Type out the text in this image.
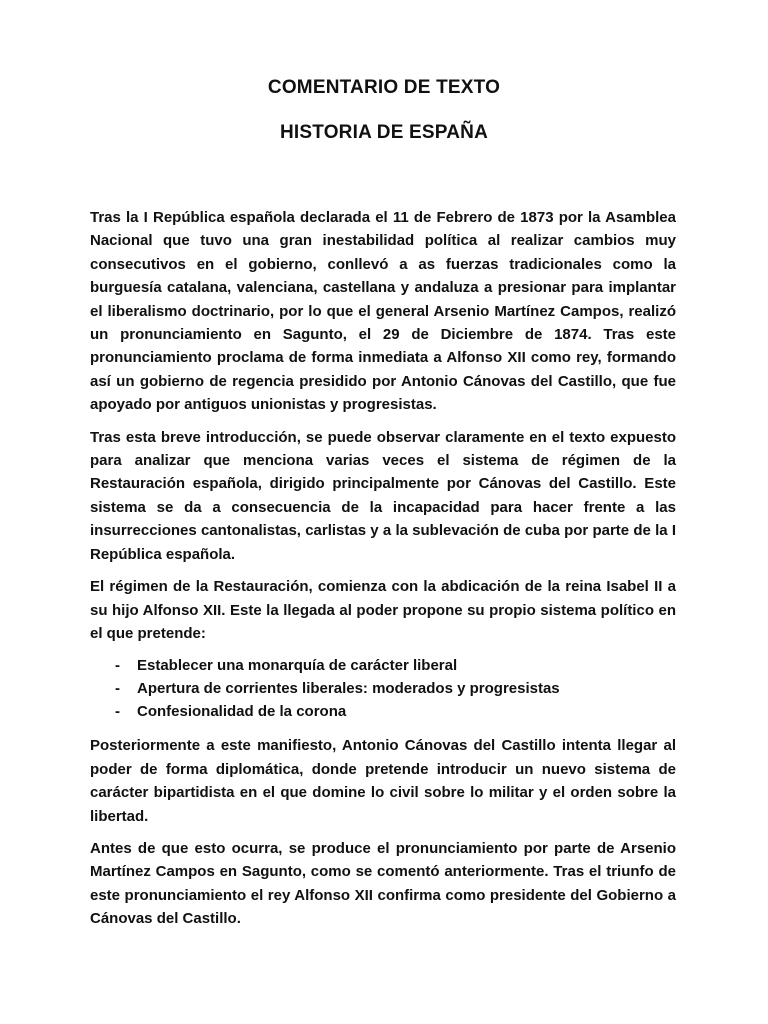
COMENTARIO DE TEXTO
HISTORIA DE ESPAÑA

Tras la I República española declarada el 11 de Febrero de 1873 por la Asamblea Nacional que tuvo una gran inestabilidad política al realizar cambios muy consecutivos en el gobierno, conllevó a as fuerzas tradicionales como la burguesía catalana, valenciana, castellana y andaluza a presionar para implantar el liberalismo doctrinario, por lo que el general Arsenio Martínez Campos, realizó un pronunciamiento en Sagunto, el 29 de Diciembre de 1874. Tras este pronunciamiento proclama de forma inmediata a Alfonso XII como rey, formando así un gobierno de regencia presidido por Antonio Cánovas del Castillo, que fue apoyado por antiguos unionistas y progresistas.

Tras esta breve introducción, se puede observar claramente en el texto expuesto para analizar que menciona varias veces el sistema de régimen de la Restauración española, dirigido principalmente por Cánovas del Castillo. Este sistema se da a consecuencia de la incapacidad para hacer frente a las insurrecciones cantonalistas, carlistas y a la sublevación de cuba por parte de la I República española.

El régimen de la Restauración, comienza con la abdicación de la reina Isabel II a su hijo Alfonso XII. Este la llegada al poder propone su propio sistema político en el que pretende:

- Establecer una monarquía de carácter liberal
- Apertura de corrientes liberales: moderados y progresistas
- Confesionalidad de la corona

Posteriormente a este manifiesto, Antonio Cánovas del Castillo intenta llegar al poder de forma diplomática, donde pretende introducir un nuevo sistema de carácter bipartidista en el que domine lo civil sobre lo militar y el orden sobre la libertad.

Antes de que esto ocurra, se produce el pronunciamiento por parte de Arsenio Martínez Campos en Sagunto, como se comentó anteriormente. Tras el triunfo de este pronunciamiento el rey Alfonso XII confirma como presidente del Gobierno a Cánovas del Castillo.
